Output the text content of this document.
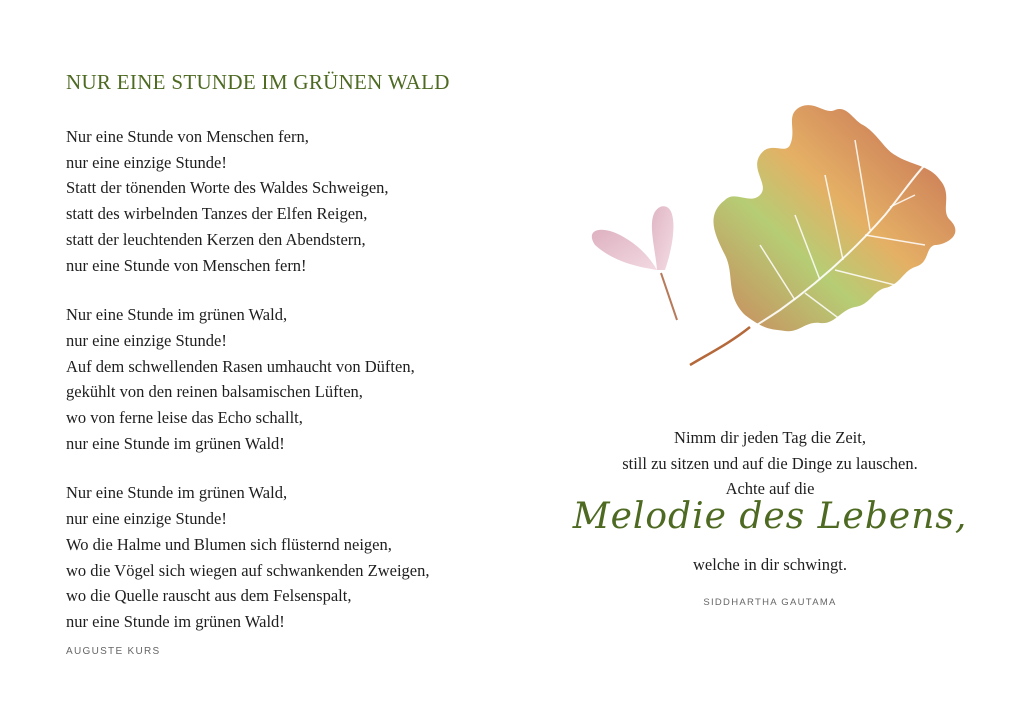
NUR EINE STUNDE IM GRÜNEN WALD
Nur eine Stunde von Menschen fern,
nur eine einzige Stunde!
Statt der tönenden Worte des Waldes Schweigen,
statt des wirbelnden Tanzes der Elfen Reigen,
statt der leuchtenden Kerzen den Abendstern,
nur eine Stunde von Menschen fern!
Nur eine Stunde im grünen Wald,
nur eine einzige Stunde!
Auf dem schwellenden Rasen umhaucht von Düften,
gekühlt von den reinen balsamischen Lüften,
wo von ferne leise das Echo schallt,
nur eine Stunde im grünen Wald!
Nur eine Stunde im grünen Wald,
nur eine einzige Stunde!
Wo die Halme und Blumen sich flüsternd neigen,
wo die Vögel sich wiegen auf schwankenden Zweigen,
wo die Quelle rauscht aus dem Felsenspalt,
nur eine Stunde im grünen Wald!
AUGUSTE KURS
Nimm dir jeden Tag die Zeit,
still zu sitzen und auf die Dinge zu lauschen.
Achte auf die
Melodie des Lebens,
welche in dir schwingt.
SIDDHARTHA GAUTAMA
